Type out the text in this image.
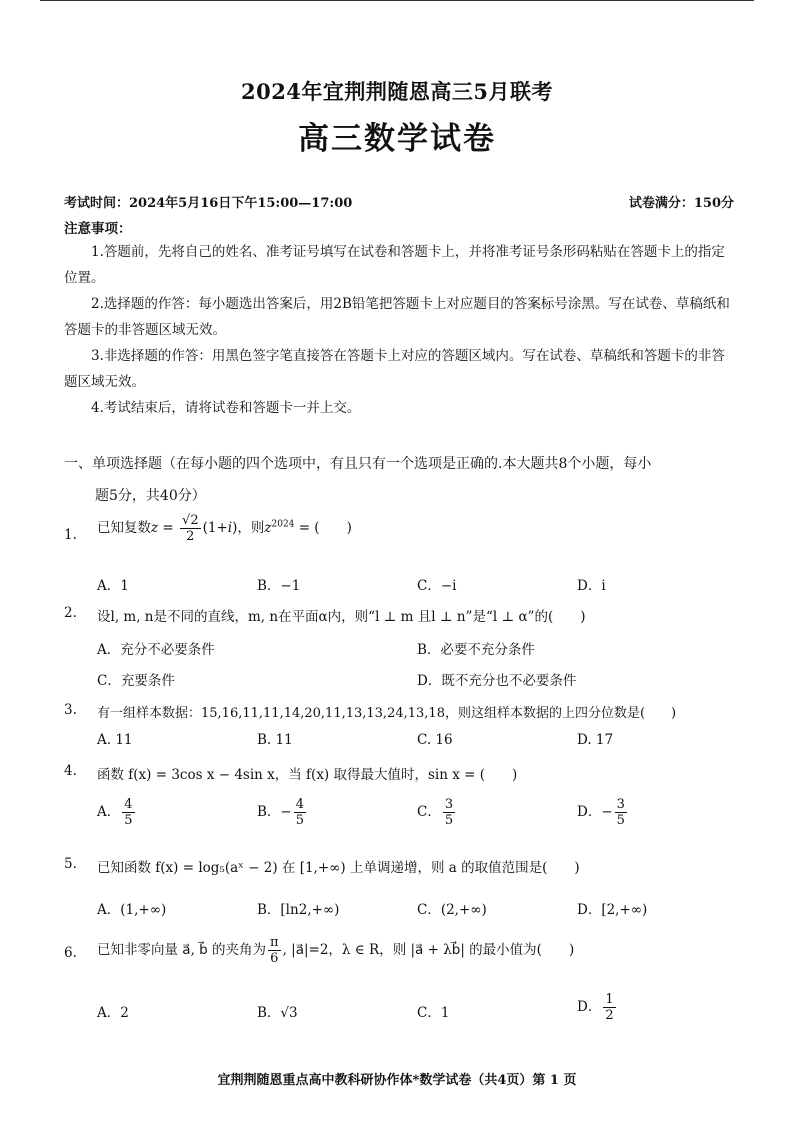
2024年宜荆荆随恩高三5月联考
高三数学试卷
考试时间：2024年5月16日下午15:00—17:00	试卷满分：150分
注意事项：

1.答题前，先将自己的姓名、准考证号填写在试卷和答题卡上，并将准考证号条形码粘贴在答题卡上的指定位置。

2.选择题的作答：每小题选出答案后，用2B铅笔把答题卡上对应题目的答案标号涂黑。写在试卷、草稿纸和答题卡的非答题区域无效。

3.非选择题的作答：用黑色签字笔直接答在答题卡上对应的答题区域内。写在试卷、草稿纸和答题卡的非答题区域无效。

4.考试结束后，请将试卷和答题卡一并上交。

一、单项选择题（在每小题的四个选项中，有且只有一个选项是正确的.本大题共8个小题，每小
题5分，共40分）
1. 已知复数$z = \frac{√2}{2} (1+i)$，则$z^{2024}$ = (　　)
A．1	B．−1	C．−i	D．i
2. 设l, m, n是不同的直线，m, n在平面α内，则“l ⊥ m 且l ⊥ n”是“l ⊥ α”的(　　)
A．充分不必要条件	B．必要不充分条件
C．充要条件	D．既不充分也不必要条件
3. 有一组样本数据：15,16,11,11,14,20,11,13,13,24,13,18，则这组样本数据的上四分位数是(　　)
A. 11	B. 11	C. 16	D. 17
4. 函数 f(x) = 3cos x − 4sin x，当 f(x) 取得最大值时，sin x = (　　)
A． $\frac{4}{5}$	B．− $\frac{4}{5}$	C． $\frac{3}{5}$	D．− $\frac{3}{5}$
5. 已知函数 f(x) = log₅(aˣ − 2) 在 [1,+∞) 上单调递增，则 a 的取值范围是(　　)
A．(1,+∞)	B．[ln2,+∞)	C．(2,+∞)	D．[2,+∞)
6. 已知非零向量 a⃗, b⃗ 的夹角为 $\frac{\pi}{6}$ , |a⃗|=2，λ ∈ R，则 |a⃗ + λb⃗| 的最小值为(　　)
A．2	B．√3	C．1	D． $\frac{1}{2}$
宜荆荆随恩重点高中教科研协作体*数学试卷（共4页）第 1 页
